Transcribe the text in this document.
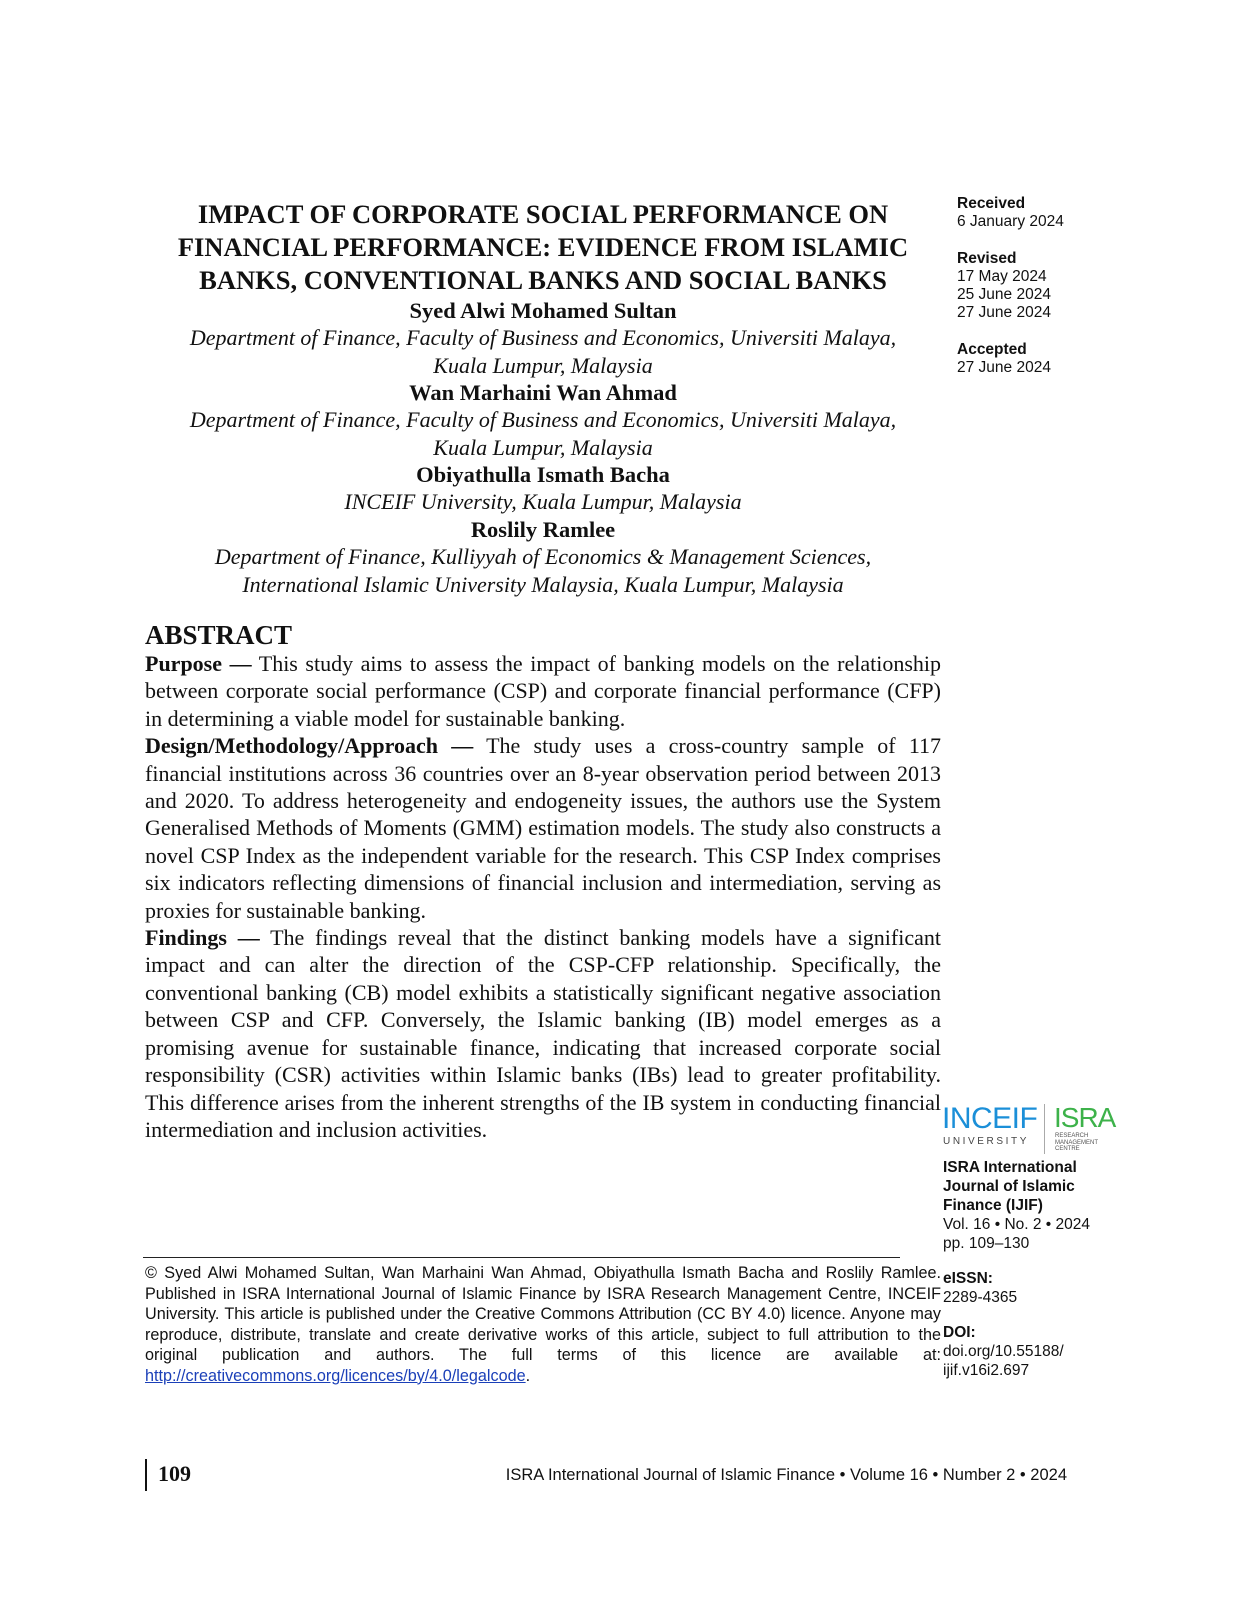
IMPACT OF CORPORATE SOCIAL PERFORMANCE ON FINANCIAL PERFORMANCE: EVIDENCE FROM ISLAMIC BANKS, CONVENTIONAL BANKS AND SOCIAL BANKS

Syed Alwi Mohamed Sultan

Department of Finance, Faculty of Business and Economics, Universiti Malaya,

Kuala Lumpur, Malaysia

Wan Marhaini Wan Ahmad

Department of Finance, Faculty of Business and Economics, Universiti Malaya,

Kuala Lumpur, Malaysia

Obiyathulla Ismath Bacha

INCEIF University, Kuala Lumpur, Malaysia

Roslily Ramlee

Department of Finance, Kulliyyah of Economics & Management Sciences,

International Islamic University Malaysia, Kuala Lumpur, Malaysia

ABSTRACT

Purpose — This study aims to assess the impact of banking models on the relationship between corporate social performance (CSP) and corporate financial performance (CFP) in determining a viable model for sustainable banking.

Design/Methodology/Approach — The study uses a cross-country sample of 117 financial institutions across 36 countries over an 8-year observation period between 2013 and 2020. To address heterogeneity and endogeneity issues, the authors use the System Generalised Methods of Moments (GMM) estimation models. The study also constructs a novel CSP Index as the independent variable for the research. This CSP Index comprises six indicators reflecting dimensions of financial inclusion and intermediation, serving as proxies for sustainable banking.

Findings — The findings reveal that the distinct banking models have a significant impact and can alter the direction of the CSP-CFP relationship. Specifically, the conventional banking (CB) model exhibits a statistically significant negative association between CSP and CFP. Conversely, the Islamic banking (IB) model emerges as a promising avenue for sustainable finance, indicating that increased corporate social responsibility (CSR) activities within Islamic banks (IBs) lead to greater profitability. This difference arises from the inherent strengths of the IB system in conducting financial intermediation and inclusion activities.

© Syed Alwi Mohamed Sultan, Wan Marhaini Wan Ahmad, Obiyathulla Ismath Bacha and Roslily Ramlee. Published in ISRA International Journal of Islamic Finance by ISRA Research Management Centre, INCEIF University. This article is published under the Creative Commons Attribution (CC BY 4.0) licence. Anyone may reproduce, distribute, translate and create derivative works of this article, subject to full attribution to the original publication and authors. The full terms of this licence are available at: http://creativecommons.org/licences/by/4.0/legalcode.

Received
6 January 2024
Revised
17 May 2024
25 June 2024
27 June 2024
Accepted
27 June 2024
INCEIF
UNIVERSITY
ISRA
RESEARCH
MANAGEMENT
CENTRE
ISRA International
Journal of Islamic
Finance (IJIF)
Vol. 16 • No. 2 • 2024
pp. 109–130
eISSN:
2289-4365
DOI:
doi.org/10.55188/
ijif.v16i2.697
109	ISRA International Journal of Islamic Finance • Volume 16 • Number 2 • 2024
